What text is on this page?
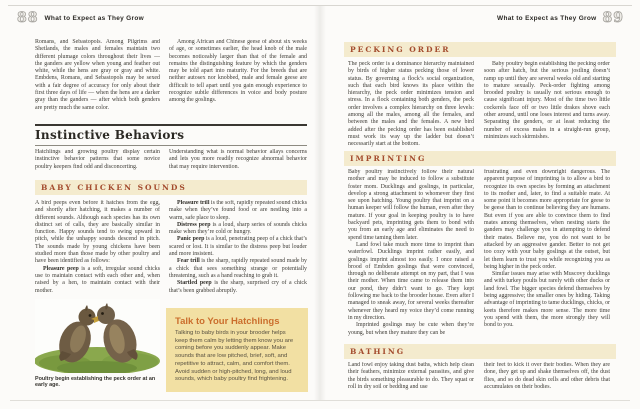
88 What to Expect as They Grow

Romans, and Sebastopols. Among Pilgrims and Shetlands, the males and females maintain two different plumage colors throughout their lives — the ganders are yellow when young and feather out white, while the hens are gray or gray and white. Embdens, Romans, and Sebastopols may be sexed with a fair degree of accuracy for only about their first three days of life — when the hens are a darker gray than the ganders — after which both genders are pretty much the same color.

Among African and Chinese geese of about six weeks of age, or sometimes earlier, the head knob of the male becomes noticeably larger than that of the female and remains the distinguishing feature by which the genders may be told apart into maturity. For the breeds that are neither autosex nor knobbed, male and female geese are difficult to tell apart until you gain enough experience to recognize subtle differences in voice and body posture among the goslings.

Instinctive Behaviors

Hatchlings and growing poultry display certain instinctive behavior patterns that some novice poultry keepers find odd and disconcerting.

Understanding what is normal behavior allays concerns and lets you more readily recognize abnormal behavior that may require intervention.

BABY CHICKEN SOUNDS

A bird peeps even before it hatches from the egg, and shortly after hatching, it makes a number of different sounds. Although each species has its own distinct set of calls, they are basically similar in function. Happy sounds tend to swing upward in pitch, while the unhappy sounds descend in pitch. The sounds made by young chickens have been studied more than those made by other poultry and have been identified as follows:

Pleasure peep is a soft, irregular sound chicks use to maintain contact with each other and, when raised by a hen, to maintain contact with their mother.

Poultry begin establishing the peck order at an early age.

Pleasure trill is the soft, rapidly repeated sound chicks make when they’ve found food or are nestling into a warm, safe place to sleep.

Distress peep is a loud, sharp series of sounds chicks make when they’re cold or hungry.

Panic peep is a loud, penetrating peep of a chick that’s scared or lost. It is similar to the distress peep but louder and more insistent.

Fear trill is the sharp, rapidly repeated sound made by a chick that sees something strange or potentially threatening, such as a hand reaching to grab it.

Startled peep is the sharp, surprised cry of a chick that’s been grabbed abruptly.

Talk to Your Hatchlings

Talking to baby birds in your brooder helps keep them calm by letting them know you are coming before you suddenly appear. Make sounds that are low pitched, brief, soft, and repetitive to attract, calm, and comfort them. Avoid sudden or high-pitched, long, and loud sounds, which baby poultry find frightening.

What to Expect as They Grow 89
PECKING ORDER

The peck order is a dominance hierarchy maintained by birds of higher status pecking those of lower status. By governing a flock’s social organization, such that each bird knows its place within the hierarchy, the peck order minimizes tension and stress. In a flock containing both genders, the peck order involves a complex hierarchy on three levels: among all the males, among all the females, and between the males and the females. A new bird added after the pecking order has been established must work its way up the ladder but doesn’t necessarily start at the bottom.

Baby poultry begin establishing the pecking order soon after hatch, but the serious jostling doesn’t ramp up until they are several weeks old and starting to mature sexually. Peck-order fighting among brooded poultry is usually not serious enough to cause significant injury. Most of the time two little cockerels face off or two little drakes shove each other around, until one loses interest and turns away. Separating the genders, or at least reducing the number of excess males in a straight-run group, minimizes such skirmishes.

IMPRINTING

Baby poultry instinctively follow their natural mother and may be induced to follow a substitute foster mom. Ducklings and goslings, in particular, develop a strong attachment to whomever they first see upon hatching. Young poultry that imprint on a human keeper will follow the human, even after they mature. If your goal in keeping poultry is to have backyard pets, imprinting gets them to bond with you from an early age and eliminates the need to spend time taming them later.

Land fowl take much more time to imprint than waterfowl. Ducklings imprint rather easily, and goslings imprint almost too easily. I once raised a brood of Embden goslings that were convinced, through no deliberate attempt on my part, that I was their mother. When time came to release them into our pond, they didn’t want to go. They kept following me back to the brooder house. Even after I managed to sneak away, for several weeks thereafter whenever they heard my voice they’d come running in my direction.

Imprinted goslings may be cute when they’re young, but when they mature they can be

frustrating and even downright dangerous. The apparent purpose of imprinting is to allow a bird to recognize its own species by forming an attachment to its mother and, later, to find a suitable mate. At some point it becomes more appropriate for geese to be geese than to continue believing they are humans. But even if you are able to convince them to find mates among themselves, when nesting starts the ganders may challenge you in attempting to defend their mates. Believe me, you do not want to be attacked by an aggressive gander. Better to not get too cozy with your baby goslings at the outset, but let them learn to trust you while recognizing you as being higher in the peck order.

Similar issues may arise with Muscovy ducklings and with turkey poults but rarely with other ducks or land fowl. The bigger species defend themselves by being aggressive; the smaller ones by hiding. Taking advantage of imprinting to tame ducklings, chicks, or keets therefore makes more sense. The more time you spend with them, the more strongly they will bond to you.

BATHING

Land fowl enjoy taking dust baths, which help clean their feathers, minimize external parasites, and give the birds something pleasurable to do. They squat or roll in dry soil or bedding and use

their feet to kick it over their bodies. When they are done, they get up and shake themselves off, the dust flies, and so do dead skin cells and other debris that accumulates on their bodies.
